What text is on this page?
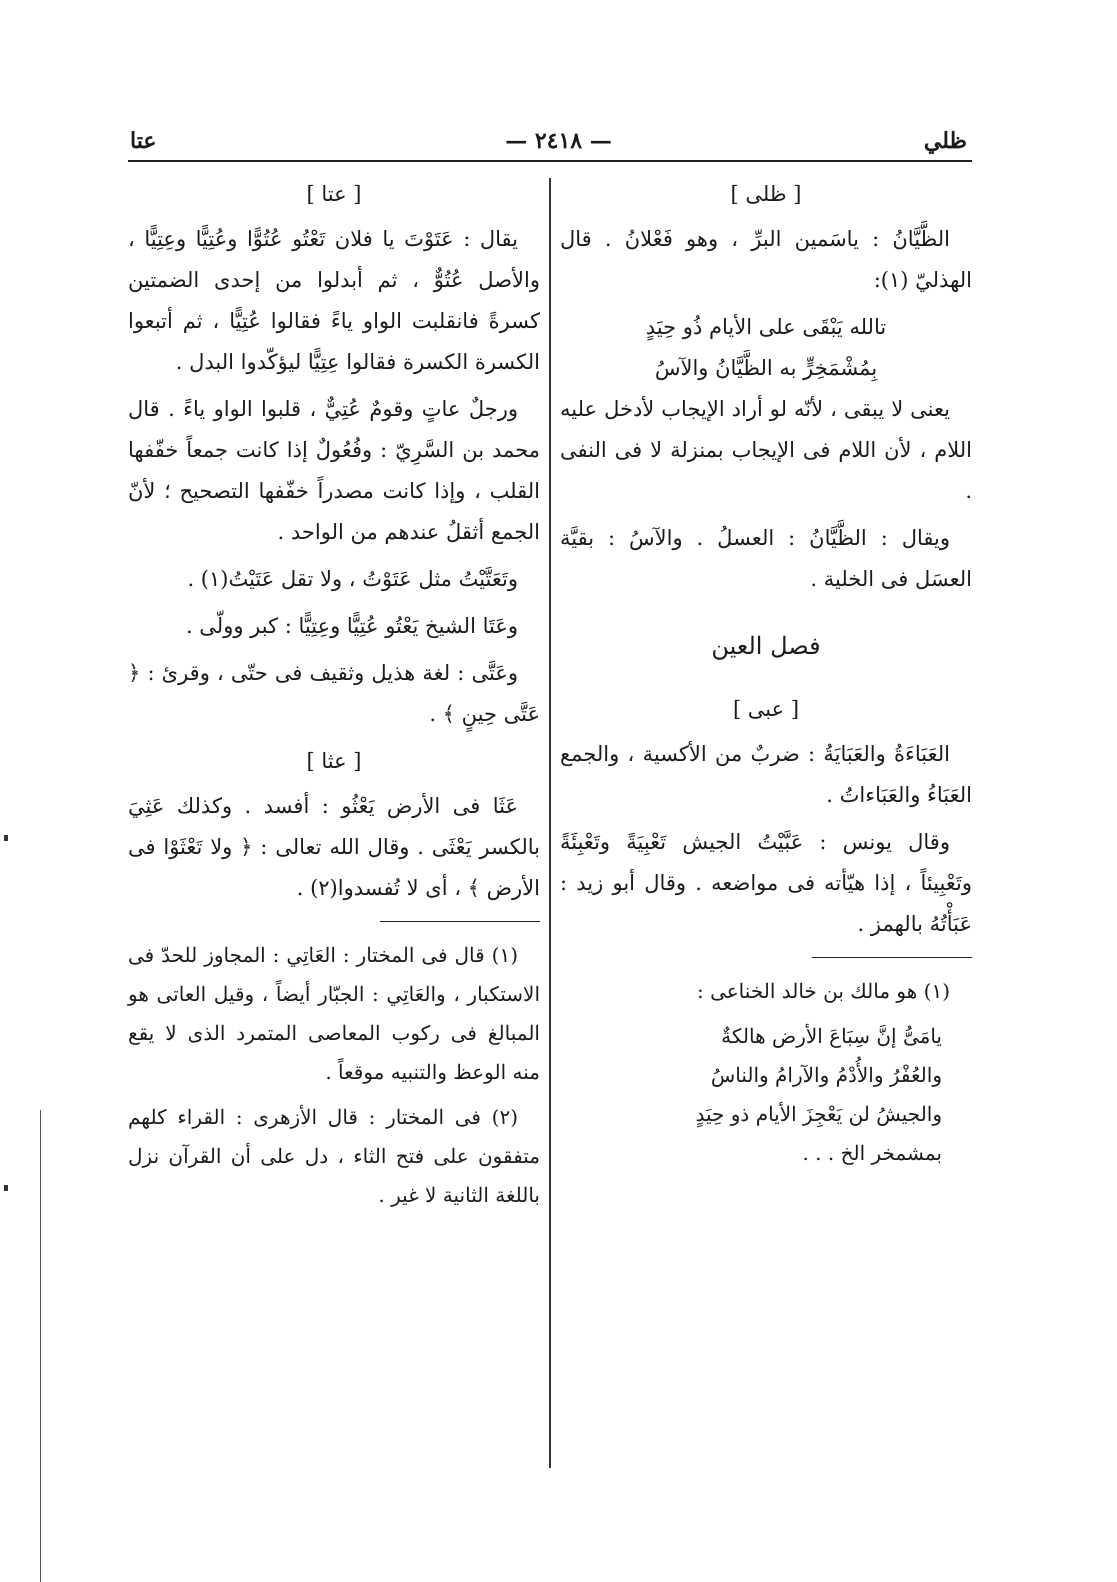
ظلي
— ٢٤١٨ —
عتا

[ ظلى ]

الظَّيَّانُ : ياسَمين البرِّ ، وهو فَعْلانُ . قال الهذليّ (١):

تالله يَبْقَى على الأيام ذُو حِيَدٍ

بِمُشْمَخِرٍّ به الظَّيَّانُ والآسُ

يعنى لا يبقى ، لأنّه لو أراد الإيجاب لأدخل عليه اللام ، لأن اللام فى الإيجاب بمنزلة لا فى النفى .

ويقال : الظَّيَّانُ : العسلُ . والآسُ : بقيَّة العسَل فى الخلية .

فصل العين

[ عبى ]

العَبَاءَةُ والعَبَايَةُ : ضربٌ من الأكسية ، والجمع العَبَاءُ والعَبَاءاتُ .

وقال يونس : عَبَّيْتُ الجيش تَعْبِيَةً وتَعْبِئَةً وتَعْبِيئاً ، إذا هيّأته فى مواضعه . وقال أبو زيد : عَبَأْتُهُ بالهمز .

(١) هو مالك بن خالد الخناعى :

يامَىُّ إنَّ سِبَاعَ الأرض هالكةٌ

والعُفْرُ والأُدْمُ والآرامُ والناسُ

والجيشُ لن يَعْجِزَ الأيام ذو حِيَدٍ

بمشمخر الخ . . .

[ عتا ]

يقال : عَتَوْتَ يا فلان تَعْتُو عُتُوًّا وعُتِيًّا وعِتِيًّا ، والأصل عُتُوٌّ ، ثم أبدلوا من إحدى الضمتين كسرةً فانقلبت الواو ياءً فقالوا عُتِيًّا ، ثم أتبعوا الكسرة الكسرة فقالوا عِتِيًّا ليؤكّدوا البدل .

ورجلٌ عاتٍ وقومٌ عُتِيٌّ ، قلبوا الواو ياءً . قال محمد بن السَّرِيّ : وفُعُولٌ إذا كانت جمعاً خفّفها القلب ، وإذا كانت مصدراً خفّفها التصحيح ؛ لأنّ الجمع أثقلُ عندهم من الواحد .

وتَعَتَّيْتُ مثل عَتَوْتُ ، ولا تقل عَتَيْتُ(١) .

وعَتَا الشيخ يَعْتُو عُتِيًّا وعِتِيًّا : كبر وولّى .

وعَتَّى : لغة هذيل وثقيف فى حتّى ، وقرئ : ﴿ عَتَّى حِينٍ ﴾ .

[ عثا ]

عَثَا فى الأرض يَعْثُو : أفسد . وكذلك عَثِيَ بالكسر يَعْثَى . وقال الله تعالى : ﴿ ولا تَعْثَوْا فى الأرض ﴾ ، أى لا تُفسدوا(٢) .

(١) قال فى المختار : العَاتِي : المجاوز للحدّ فى الاستكبار ، والعَاتِي : الجبّار أيضاً ، وقيل العاتى هو المبالغ فى ركوب المعاصى المتمرد الذى لا يقع منه الوعظ والتنبيه موقعاً .

(٢) فى المختار : قال الأزهرى : القراء كلهم متفقون على فتح الثاء ، دل على أن القرآن نزل باللغة الثانية لا غير .
